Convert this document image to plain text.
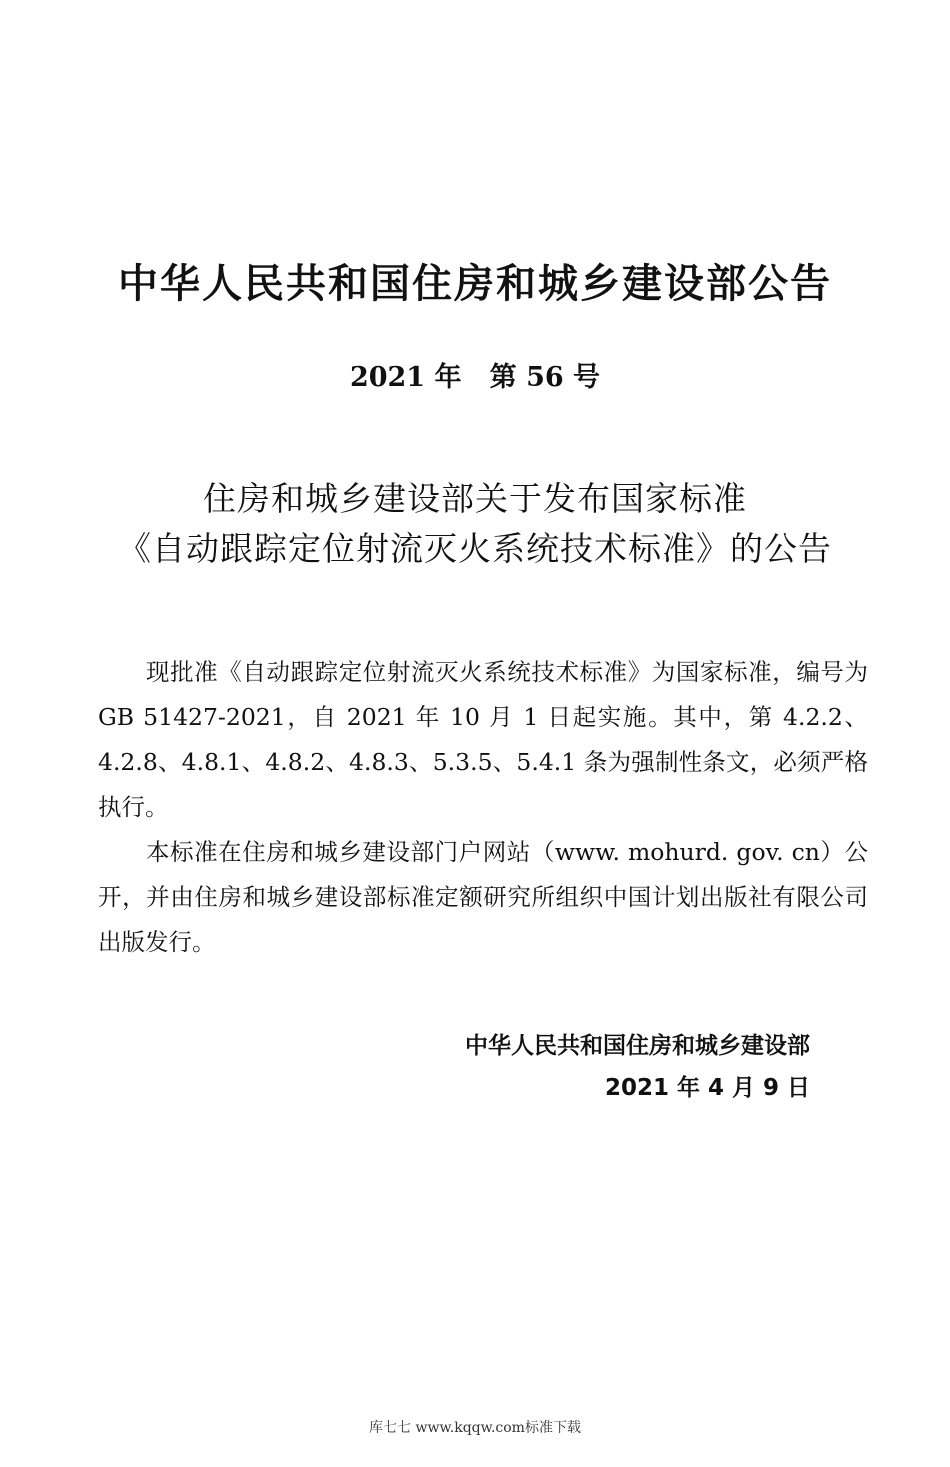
中华人民共和国住房和城乡建设部公告
2021 年   第 56 号
住房和城乡建设部关于发布国家标准
《自动跟踪定位射流灭火系统技术标准》的公告

现批准《自动跟踪定位射流灭火系统技术标准》为国家标准，编号为 GB 51427-2021，自 2021 年 10 月 1 日起实施。其中，第 4.2.2、4.2.8、4.8.1、4.8.2、4.8.3、5.3.5、5.4.1 条为强制性条文，必须严格执行。

本标准在住房和城乡建设部门户网站（www. mohurd. gov. cn）公开，并由住房和城乡建设部标准定额研究所组织中国计划出版社有限公司出版发行。

中华人民共和国住房和城乡建设部
2021 年 4 月 9 日
库七七 www.kqqw.com标准下载
